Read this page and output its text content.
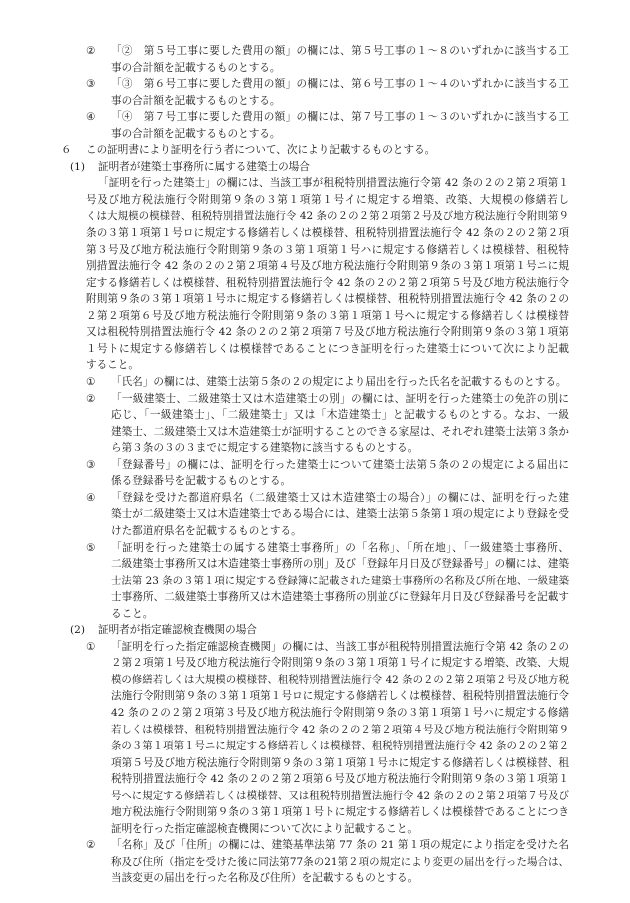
② 「②　第５号工事に要した費用の額」の欄には、第５号工事の１～８のいずれかに該当する工
事の合計額を記載するものとする。
③ 「③　第６号工事に要した費用の額」の欄には、第６号工事の１～４のいずれかに該当する工
事の合計額を記載するものとする。
④ 「④　第７号工事に要した費用の額」の欄には、第７号工事の１～３のいずれかに該当する工
事の合計額を記載するものとする。
６ この証明書により証明を行う者について、次により記載するものとする。
(1) 証明者が建築士事務所に属する建築士の場合
「証明を行った建築士」の欄には、当該工事が租税特別措置法施行令第 42 条の２の２第２項第１
号及び地方税法施行令附則第９条の３第１項第１号イに規定する増築、改築、大規模の修繕若し
くは大規模の模様替、租税特別措置法施行令 42 条の２の２第２項第２号及び地方税法施行令附則第９
条の３第１項第１号ロに規定する修繕若しくは模様替、租税特別措置法施行令 42 条の２の２第２項
第３号及び地方税法施行令附則第９条の３第１項第１号ハに規定する修繕若しくは模様替、租税特
別措置法施行令 42 条の２の２第２項第４号及び地方税法施行令附則第９条の３第１項第１号ニに規
定する修繕若しくは模様替、租税特別措置法施行令 42 条の２の２第２項第５号及び地方税法施行令
附則第９条の３第１項第１号ホに規定する修繕若しくは模様替、租税特別措置法施行令 42 条の２の
２第２項第６号及び地方税法施行令附則第９条の３第１項第１号へに規定する修繕若しくは模様替
又は租税特別措置法施行令 42 条の２の２第２項第７号及び地方税法施行令附則第９条の３第１項第
１号トに規定する修繕若しくは模様替であることにつき証明を行った建築士について次により記載
すること。
① 「氏名」の欄には、建築士法第５条の２の規定により届出を行った氏名を記載するものとする。
② 「一級建築士、二級建築士又は木造建築士の別」の欄には、証明を行った建築士の免許の別に
応じ、「一級建築士」、「二級建築士」又は「木造建築士」と記載するものとする。なお、一級
建築士、二級建築士又は木造建築士が証明することのできる家屋は、それぞれ建築士法第３条か
ら第３条の３の３までに規定する建築物に該当するものとする。
③ 「登録番号」の欄には、証明を行った建築士について建築士法第５条の２の規定による届出に
係る登録番号を記載するものとする。
④ 「登録を受けた都道府県名（二級建築士又は木造建築士の場合）」の欄には、証明を行った建
築士が二級建築士又は木造建築士である場合には、建築士法第５条第１項の規定により登録を受
けた都道府県名を記載するものとする。
⑤ 「証明を行った建築士の属する建築士事務所」の「名称」、「所在地」、「一級建築士事務所、
二級建築士事務所又は木造建築士事務所の別」及び「登録年月日及び登録番号」の欄には、建築
士法第 23 条の３第１項に規定する登録簿に記載された建築士事務所の名称及び所在地、一級建築
士事務所、二級建築士事務所又は木造建築士事務所の別並びに登録年月日及び登録番号を記載す
ること。
(2) 証明者が指定確認検査機関の場合
① 「証明を行った指定確認検査機関」の欄には、当該工事が租税特別措置法施行令第 42 条の２の
２第２項第１号及び地方税法施行令附則第９条の３第１項第１号イに規定する増築、改築、大規
模の修繕若しくは大規模の模様替、租税特別措置法施行令 42 条の２の２第２項第２号及び地方税
法施行令附則第９条の３第１項第１号ロに規定する修繕若しくは模様替、租税特別措置法施行令
42 条の２の２第２項第３号及び地方税法施行令附則第９条の３第１項第１号ハに規定する修繕
若しくは模様替、租税特別措置法施行令 42 条の２の２第２項第４号及び地方税法施行令附則第９
条の３第１項第１号ニに規定する修繕若しくは模様替、租税特別措置法施行令 42 条の２の２第２
項第５号及び地方税法施行令附則第９条の３第１項第１号ホに規定する修繕若しくは模様替、租
税特別措置法施行令 42 条の２の２第２項第６号及び地方税法施行令附則第９条の３第１項第１
号へに規定する修繕若しくは模様替、又は租税特別措置法施行令 42 条の２の２第２項第７号及び
地方税法施行令附則第９条の３第１項第１号トに規定する修繕若しくは模様替であることにつき
証明を行った指定確認検査機関について次により記載すること。
② 「名称」及び「住所」の欄には、建築基準法第 77 条の 21 第１項の規定により指定を受けた名
称及び住所（指定を受けた後に同法第77条の21第２項の規定により変更の届出を行った場合は、
当該変更の届出を行った名称及び住所）を記載するものとする。
